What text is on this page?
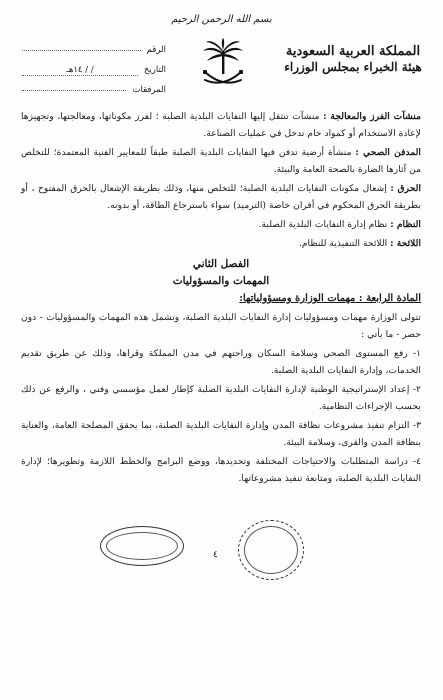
بسم الله الرحمن الرحيم
المملكة العربية السعودية
هيئة الخبراء بمجلس الوزراء
الرقم
التاريخ
/ / ١٤هـ
المرفقات

منشآت الفرز والمعالجة : منشآت تنتقل إليها النفايات البلدية الصلبة ؛ لفرز مكوناتها، ومعالجتها، وتجهيزها لإعادة الاستخدام أو كمواد خام تدخل في عمليات الصناعة.

المدفن الصحي : منشأة أرضية تدفن فيها النفايات البلدية الصلبة طبقاً للمعايير الفنية المعتمدة؛ للتخلص من آثارها الضارة بالصحة العامة والبيئة.

الحرق : إشعال مكونات النفايات البلدية الصلبة؛ للتخلص منها، وذلك بطريقة الإشعال بالحرق المفتوح ، أو بطريقة الحرق المحكوم في أفران خاصة (الترميد) سواء باسترجاع الطاقة، أو بدونه.

النظام : نظام إدارة النفايات البلدية الصلبة.

اللائحة : اللائحة التنفيذية للنظام.

الفصل الثاني
المهمات والمسؤوليات

المادة الرابعة : مهمات الوزارة ومسؤولياتها:

تتولى الوزارة مهمات ومسؤوليات إدارة النفايات البلدية الصلبة، وتشمل هذه المهمات والمسؤوليات - دون حصر - ما يأتي :

١- رفع المستوى الصحي وسلامة السكان وراحتهم في مدن المملكة وقراها، وذلك عن طريق تقديم الخدمات، وإدارة النفايات البلدية الصلبة.

٢- إعداد الإستراتيجية الوطنية لإدارة النفايات البلدية الصلبة كإطار لعمل مؤسسي وفني ، والرفع عن ذلك بحسب الإجراءات النظامية.

٣- التزام تنفيذ مشروعات نظافة المدن وإدارة النفايات البلدية الصلبة، بما يحقق المصلحة العامة، والعناية بنظافة المدن والقرى، وسلامة البيئة.

٤- دراسة المتطلبات والاحتياجات المختلفة وتحديدها، ووضع البرامج والخطط اللازمة وتطويرها؛ لإدارة النفايات البلدية الصلبة، ومتابعة تنفيذ مشروعاتها.

٤
